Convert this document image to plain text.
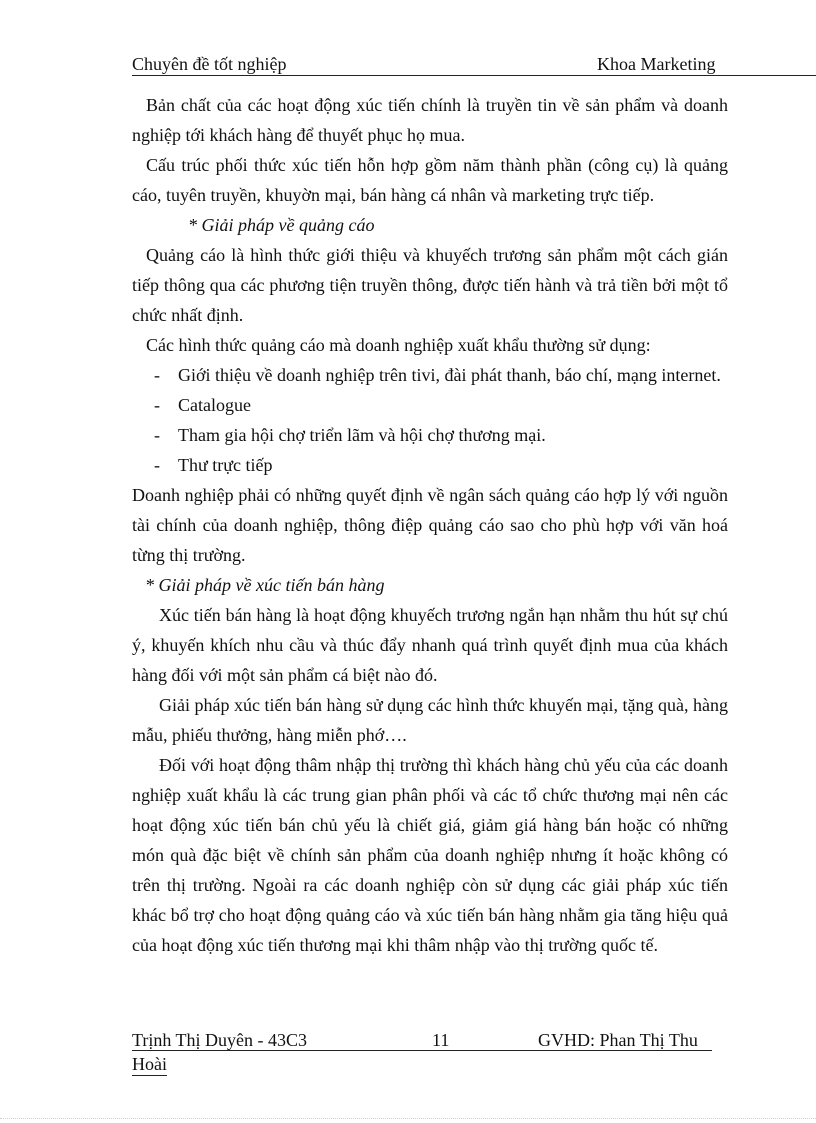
Chuyên đề tốt nghiệp	Khoa Marketing

Bản chất của các hoạt động xúc tiến chính là truyền tin về sản phẩm và doanh nghiệp tới khách hàng để thuyết phục họ mua.

Cấu trúc phối thức xúc tiến hỗn hợp gồm năm thành phần (công cụ) là quảng cáo, tuyên truyền, khuyờn mại, bán hàng cá nhân và marketing trực tiếp.

* Giải pháp về quảng cáo

Quảng cáo là hình thức giới thiệu và khuyếch trương sản phẩm một cách gián tiếp thông qua các phương tiện truyền thông, được tiến hành và trả tiền bởi một tổ chức nhất định.

Các hình thức quảng cáo mà doanh nghiệp xuất khẩu thường sử dụng:

- Giới thiệu về doanh nghiệp trên tivi, đài phát thanh, báo chí, mạng internet.
- Catalogue
- Tham gia hội chợ triển lãm và hội chợ thương mại.
- Thư trực tiếp

Doanh nghiệp phải có những quyết định về ngân sách quảng cáo hợp lý với nguồn tài chính của doanh nghiệp, thông điệp quảng cáo sao cho phù hợp với văn hoá từng thị trường.

* Giải pháp về xúc tiến bán hàng

Xúc tiến bán hàng là hoạt động khuyếch trương ngắn hạn nhằm thu hút sự chú ý, khuyến khích nhu cầu và thúc đẩy nhanh quá trình quyết định mua của khách hàng đối với một sản phẩm cá biệt nào đó.

Giải pháp xúc tiến bán hàng sử dụng các hình thức khuyến mại, tặng quà, hàng mẫu, phiếu thưởng, hàng miễn phớ….

Đối với hoạt động thâm nhập thị trường thì khách hàng chủ yếu của các doanh nghiệp xuất khẩu là các trung gian phân phối và các tổ chức thương mại nên các hoạt động xúc tiến bán chủ yếu là chiết giá, giảm giá hàng bán hoặc có những món quà đặc biệt về chính sản phẩm của doanh nghiệp nhưng ít hoặc không có trên thị trường. Ngoài ra các doanh nghiệp còn sử dụng các giải pháp xúc tiến khác bổ trợ cho hoạt động quảng cáo và xúc tiến bán hàng nhằm gia tăng hiệu quả của hoạt động xúc tiến thương mại khi thâm nhập vào thị trường quốc tế.

Trịnh Thị Duyên - 43C3	11	GVHD: Phan Thị Thu
Hoài
